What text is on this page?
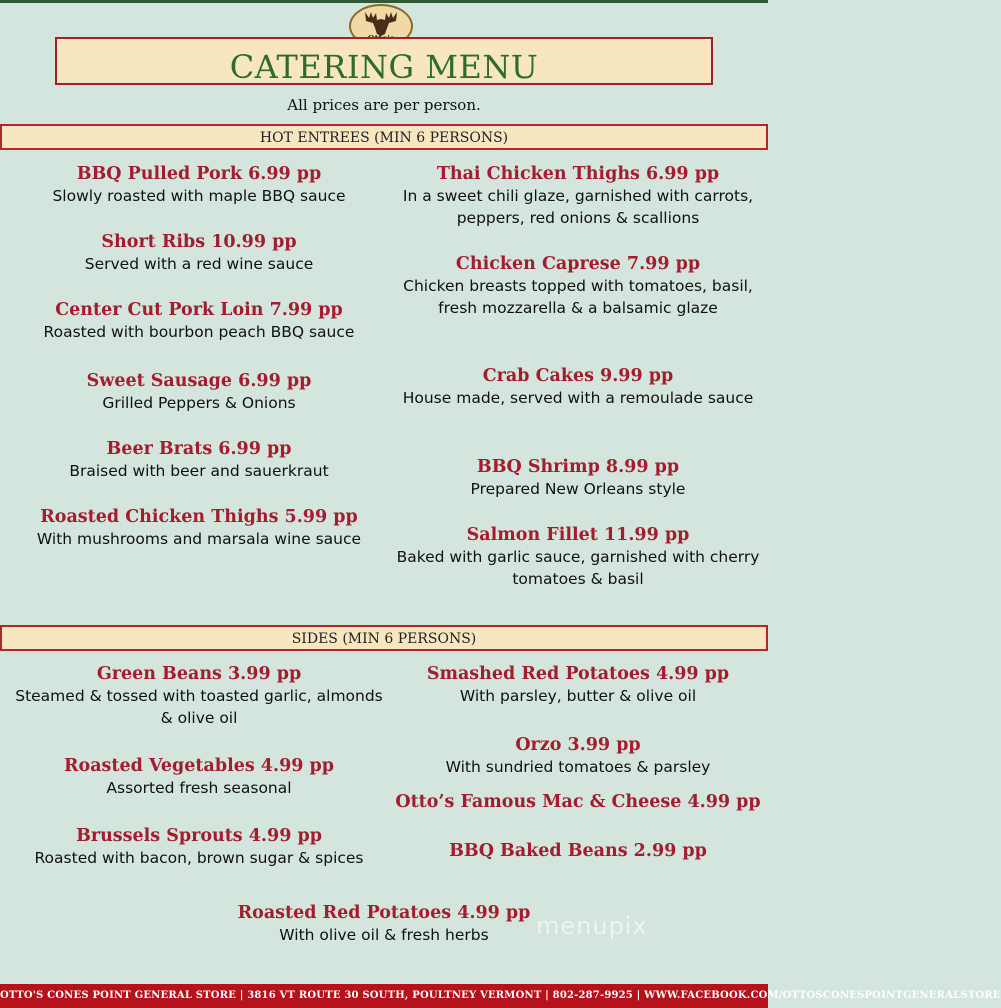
CATERING MENU
All prices are per person.
HOT ENTREES (MIN 6 PERSONS)
BBQ Pulled Pork 6.99 pp
Slowly roasted with maple BBQ sauce
Short Ribs 10.99 pp
Served with a red wine sauce
Center Cut Pork Loin 7.99 pp
Roasted with bourbon peach BBQ sauce
Sweet Sausage 6.99 pp
Grilled Peppers & Onions
Beer Brats 6.99 pp
Braised with beer and sauerkraut
Roasted Chicken Thighs 5.99 pp
With mushrooms and marsala wine sauce
Thai Chicken Thighs 6.99 pp
In a sweet chili glaze, garnished with carrots, peppers, red onions & scallions
Chicken Caprese 7.99 pp
Chicken breasts topped with tomatoes, basil, fresh mozzarella & a balsamic glaze
Crab Cakes 9.99 pp
House made, served with a remoulade sauce
BBQ Shrimp 8.99 pp
Prepared New Orleans style
Salmon Fillet 11.99 pp
Baked with garlic sauce, garnished with cherry tomatoes & basil
SIDES (MIN 6 PERSONS)
Green Beans 3.99 pp
Steamed & tossed with toasted garlic, almonds & olive oil
Roasted Vegetables 4.99 pp
Assorted fresh seasonal
Brussels Sprouts 4.99 pp
Roasted with bacon, brown sugar & spices
Smashed Red Potatoes 4.99 pp
With parsley, butter & olive oil
Orzo 3.99 pp
With sundried tomatoes & parsley
Otto’s Famous Mac & Cheese 4.99 pp
BBQ Baked Beans 2.99 pp
Roasted Red Potatoes 4.99 pp
With olive oil & fresh herbs	menupix
OTTO'S CONES POINT GENERAL STORE | 3816 VT ROUTE 30 SOUTH, POULTNEY VERMONT | 802-287-9925 | WWW.FACEBOOK.COM/OTTOSCONESPOINTGENERALSTORE
